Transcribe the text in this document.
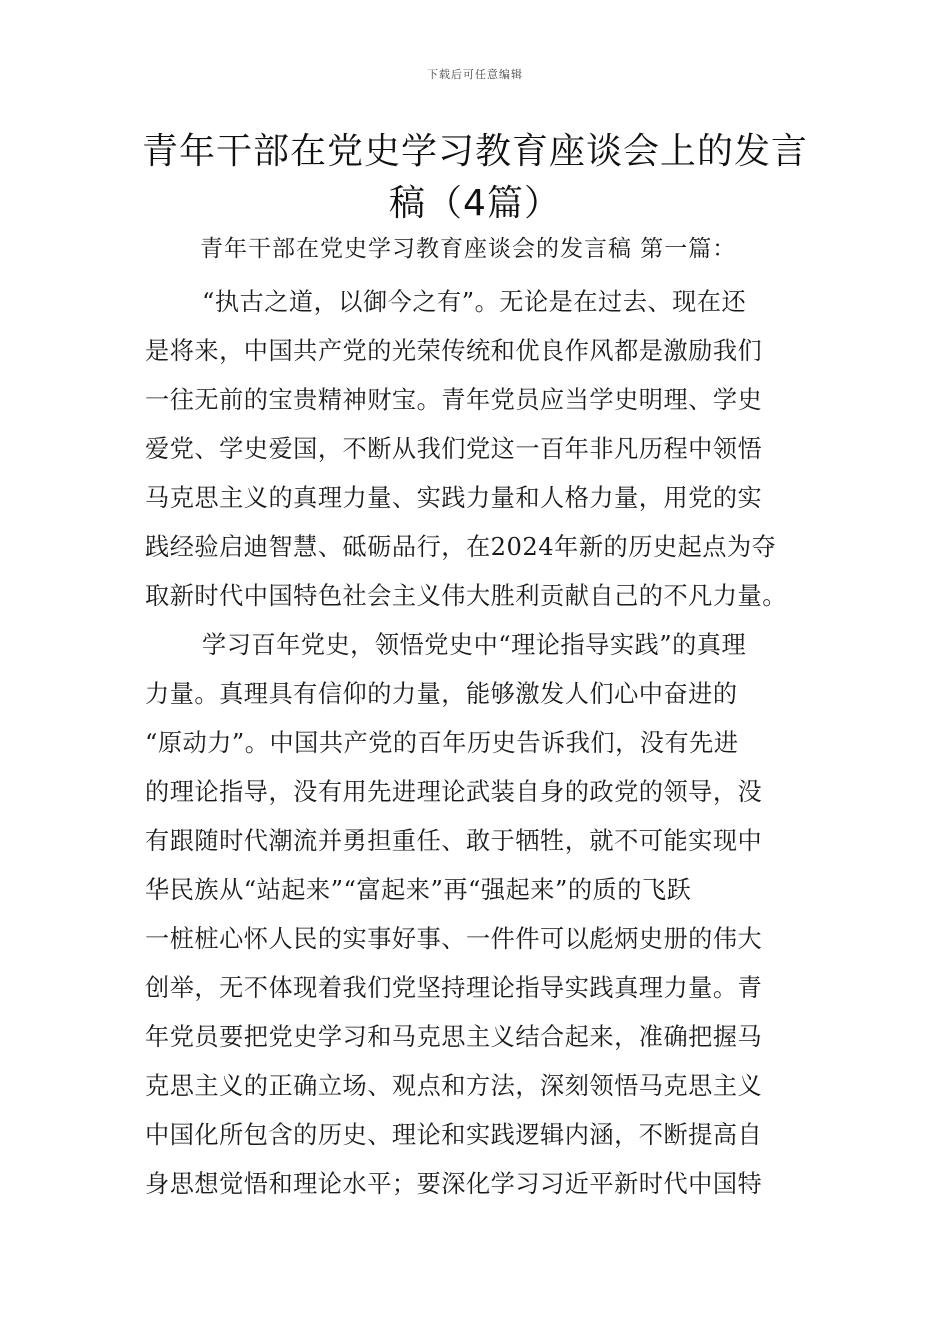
下载后可任意编辑
青年干部在党史学习教育座谈会上的发言稿（4篇）
青年干部在党史学习教育座谈会的发言稿 第一篇：
“执古之道，以御今之有”。无论是在过去、现在还
是将来，中国共产党的光荣传统和优良作风都是激励我们
一往无前的宝贵精神财宝。青年党员应当学史明理、学史
爱党、学史爱国，不断从我们党这一百年非凡历程中领悟
马克思主义的真理力量、实践力量和人格力量，用党的实
践经验启迪智慧、砥砺品行，在2024年新的历史起点为夺
取新时代中国特色社会主义伟大胜利贡献自己的不凡力量。
学习百年党史，领悟党史中“理论指导实践”的真理
力量。真理具有信仰的力量，能够激发人们心中奋进的
“原动力”。中国共产党的百年历史告诉我们，没有先进
的理论指导，没有用先进理论武装自身的政党的领导，没
有跟随时代潮流并勇担重任、敢于牺牲，就不可能实现中
华民族从“站起来”“富起来”再“强起来”的质的飞跃
一桩桩心怀人民的实事好事、一件件可以彪炳史册的伟大
创举，无不体现着我们党坚持理论指导实践真理力量。青
年党员要把党史学习和马克思主义结合起来，准确把握马
克思主义的正确立场、观点和方法，深刻领悟马克思主义
中国化所包含的历史、理论和实践逻辑内涵，不断提高自
身思想觉悟和理论水平；要深化学习习近平新时代中国特
